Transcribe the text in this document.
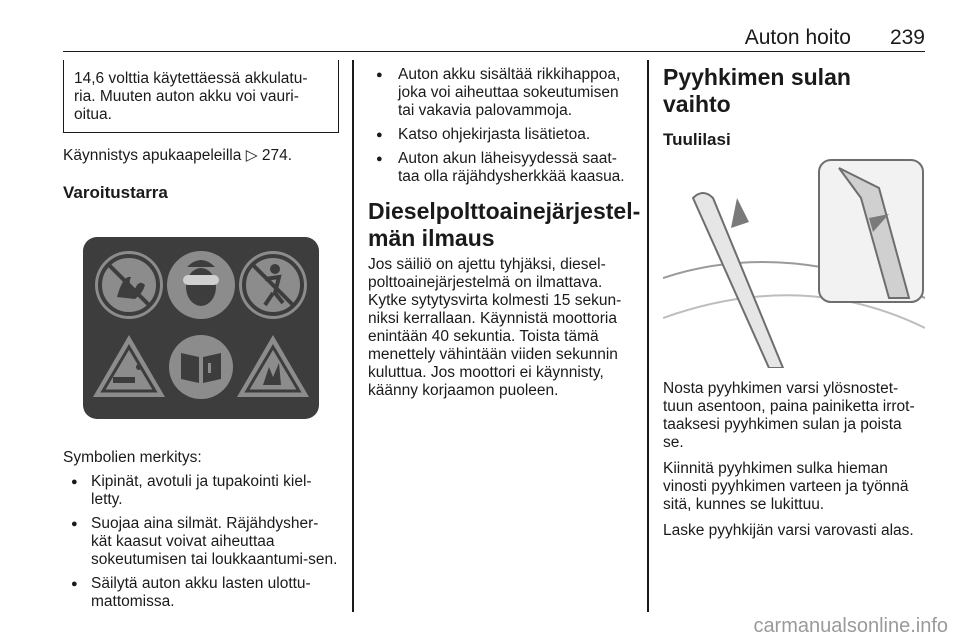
Auton hoito 239

14,6 volttia käytettäessä akkulatu-ria. Muuten auton akku voi vauri-oitua.

Käynnistys apukaapeleilla ▷ 274.

Varoitustarra

Symbolien merkitys:

● Kipinät, avotuli ja tupakointi kiel-letty.
● Suojaa aina silmät. Räjähdysher-kät kaasut voivat aiheuttaa sokeutumisen tai loukkaantumi-sen.
● Säilytä auton akku lasten ulottu-mattomissa.
● Auton akku sisältää rikkihappoa, joka voi aiheuttaa sokeutumisen tai vakavia palovammoja.
● Katso ohjekirjasta lisätietoa.
● Auton akun läheisyydessä saat-taa olla räjähdysherkkää kaasua.
Dieselpolttoainejärjestel-män ilmaus

Jos säiliö on ajettu tyhjäksi, diesel-polttoainejärjestelmä on ilmattava. Kytke sytytysvirta kolmesti 15 sekun-niksi kerrallaan. Käynnistä moottoria enintään 40 sekuntia. Toista tämä menettely vähintään viiden sekunnin kuluttua. Jos moottori ei käynnisty, käänny korjaamon puoleen.

Pyyhkimen sulan vaihto
Tuulilasi

Nosta pyyhkimen varsi ylösnostet-tuun asentoon, paina painiketta irrot-taaksesi pyyhkimen sulan ja poista se.

Kiinnitä pyyhkimen sulka hieman vinosti pyyhkimen varteen ja työnnä sitä, kunnes se lukittuu.

Laske pyyhkijän varsi varovasti alas.

carmanualsonline.info
